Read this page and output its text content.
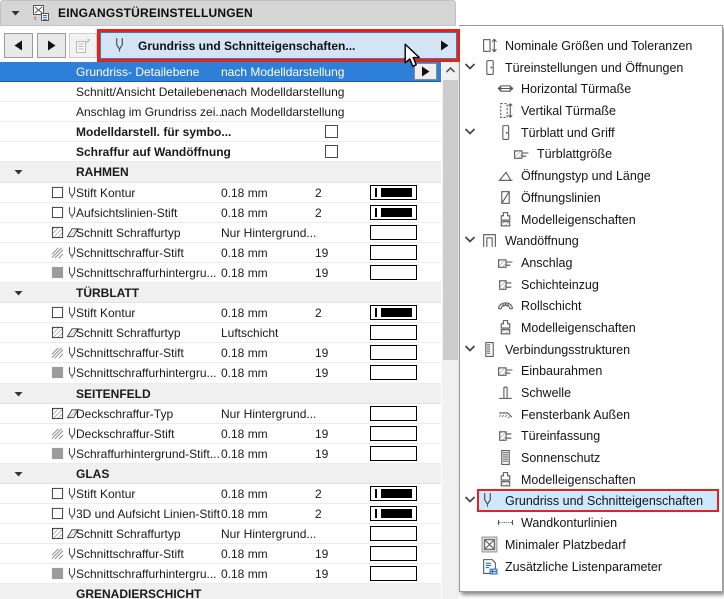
EINGANGSTÜREINSTELLUNGEN
Grundriss und Schnitteigenschaften...
Grundriss- Detailebene nach Modelldarstellung
Schnitt/Ansicht Detailebene
nach Modelldarstellung
Anschlag im Grundriss zei...
nach Modelldarstellung
Modelldarstell. für symbo...
Schraffur auf Wandöffnung
RAHMEN
Stift Kontur	0.18 mm	2
Aufsichtslinien-Stift	0.18 mm	2
Schnitt Schraffurtyp	Nur Hintergrund...
Schnittschraffur-Stift	0.18 mm	19
Schnittschraffurhintergru... 0.18 mm	19
TÜRBLATT
Stift Kontur	0.18 mm	2
Schnitt Schraffurtyp	Luftschicht
Schnittschraffur-Stift	0.18 mm	19
Schnittschraffurhintergru... 0.18 mm	19
SEITENFELD
Deckschraffur-Typ	Nur Hintergrund...
Deckschraffur-Stift	0.18 mm	19
Schraffurhintergrund-Stift... 0.18 mm	19
GLAS
Stift Kontur	0.18 mm	2
3D und Aufsicht Linien-Stift 0.18 mm	2
Schnitt Schraffurtyp	Nur Hintergrund...
Schnittschraffur-Stift	0.18 mm	19
Schnittschraffurhintergru... 0.18 mm	19
GRENADIERSCHICHT
Nominale Größen und Toleranzen
Türeinstellungen und Öffnungen
Horizontal Türmaße
Vertikal Türmaße
Türblatt und Griff
Türblattgröße
Öffnungstyp und Länge
Öffnungslinien
Modelleigenschaften
Wandöffnung
Anschlag
Schichteinzug
Rollschicht
Modelleigenschaften
Verbindungsstrukturen
Einbaurahmen
Schwelle
Fensterbank Außen
Türeinfassung
Sonnenschutz
Modelleigenschaften
Grundriss und Schnitteigenschaften
Wandkonturlinien
Minimaler Platzbedarf
Zusätzliche Listenparameter
